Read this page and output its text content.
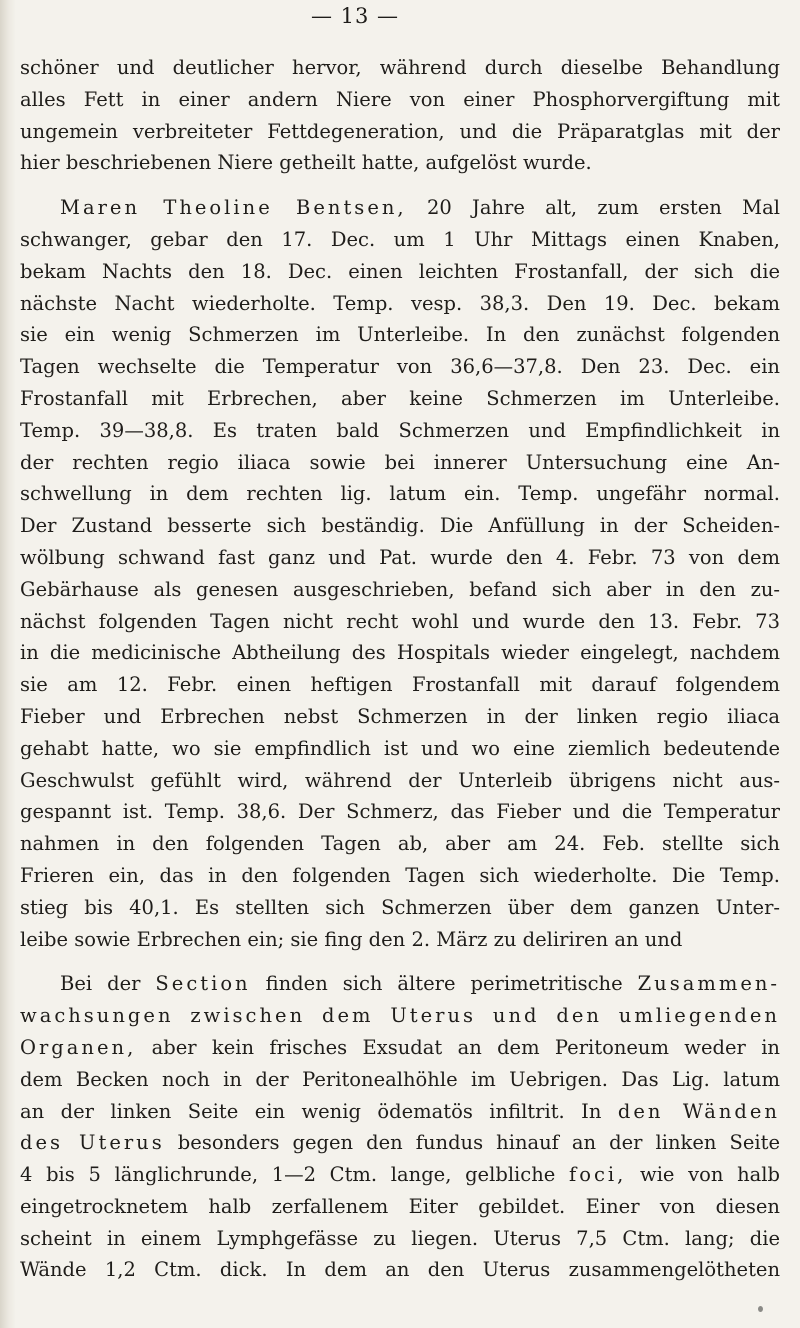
— 13 —
schöner und deutlicher hervor, während durch dieselbe Behandlung
alles Fett in einer andern Niere von einer Phosphorvergiftung mit
ungemein verbreiteter Fettdegeneration, und die Präparatglas mit der
hier beschriebenen Niere getheilt hatte, aufgelöst wurde.
Maren Theoline Bentsen, 20 Jahre alt, zum ersten Mal
schwanger, gebar den 17. Dec. um 1 Uhr Mittags einen Knaben,
bekam Nachts den 18. Dec. einen leichten Frostanfall, der sich die
nächste Nacht wiederholte. Temp. vesp. 38,3. Den 19. Dec. bekam
sie ein wenig Schmerzen im Unterleibe. In den zunächst folgenden
Tagen wechselte die Temperatur von 36,6—37,8. Den 23. Dec. ein
Frostanfall mit Erbrechen, aber keine Schmerzen im Unterleibe.
Temp. 39—38,8. Es traten bald Schmerzen und Empfindlichkeit in
der rechten regio iliaca sowie bei innerer Untersuchung eine An-
schwellung in dem rechten lig. latum ein. Temp. ungefähr normal.
Der Zustand besserte sich beständig. Die Anfüllung in der Scheiden-
wölbung schwand fast ganz und Pat. wurde den 4. Febr. 73 von dem
Gebärhause als genesen ausgeschrieben, befand sich aber in den zu-
nächst folgenden Tagen nicht recht wohl und wurde den 13. Febr. 73
in die medicinische Abtheilung des Hospitals wieder eingelegt, nachdem
sie am 12. Febr. einen heftigen Frostanfall mit darauf folgendem
Fieber und Erbrechen nebst Schmerzen in der linken regio iliaca
gehabt hatte, wo sie empfindlich ist und wo eine ziemlich bedeutende
Geschwulst gefühlt wird, während der Unterleib übrigens nicht aus-
gespannt ist. Temp. 38,6. Der Schmerz, das Fieber und die Temperatur
nahmen in den folgenden Tagen ab, aber am 24. Feb. stellte sich
Frieren ein, das in den folgenden Tagen sich wiederholte. Die Temp.
stieg bis 40,1. Es stellten sich Schmerzen über dem ganzen Unter-
leibe sowie Erbrechen ein; sie fing den 2. März zu deliriren an und
Bei der Section finden sich ältere perimetritische Zusammen-
wachsungen zwischen dem Uterus und den umliegenden
Organen, aber kein frisches Exsudat an dem Peritoneum weder in
dem Becken noch in der Peritonealhöhle im Uebrigen. Das Lig. latum
an der linken Seite ein wenig ödematös infiltrit. In den Wänden
des Uterus besonders gegen den fundus hinauf an der linken Seite
4 bis 5 länglichrunde, 1—2 Ctm. lange, gelbliche foci, wie von halb
eingetrocknetem halb zerfallenem Eiter gebildet. Einer von diesen
scheint in einem Lymphgefässe zu liegen. Uterus 7,5 Ctm. lang; die
Wände 1,2 Ctm. dick. In dem an den Uterus zusammengelötheten
